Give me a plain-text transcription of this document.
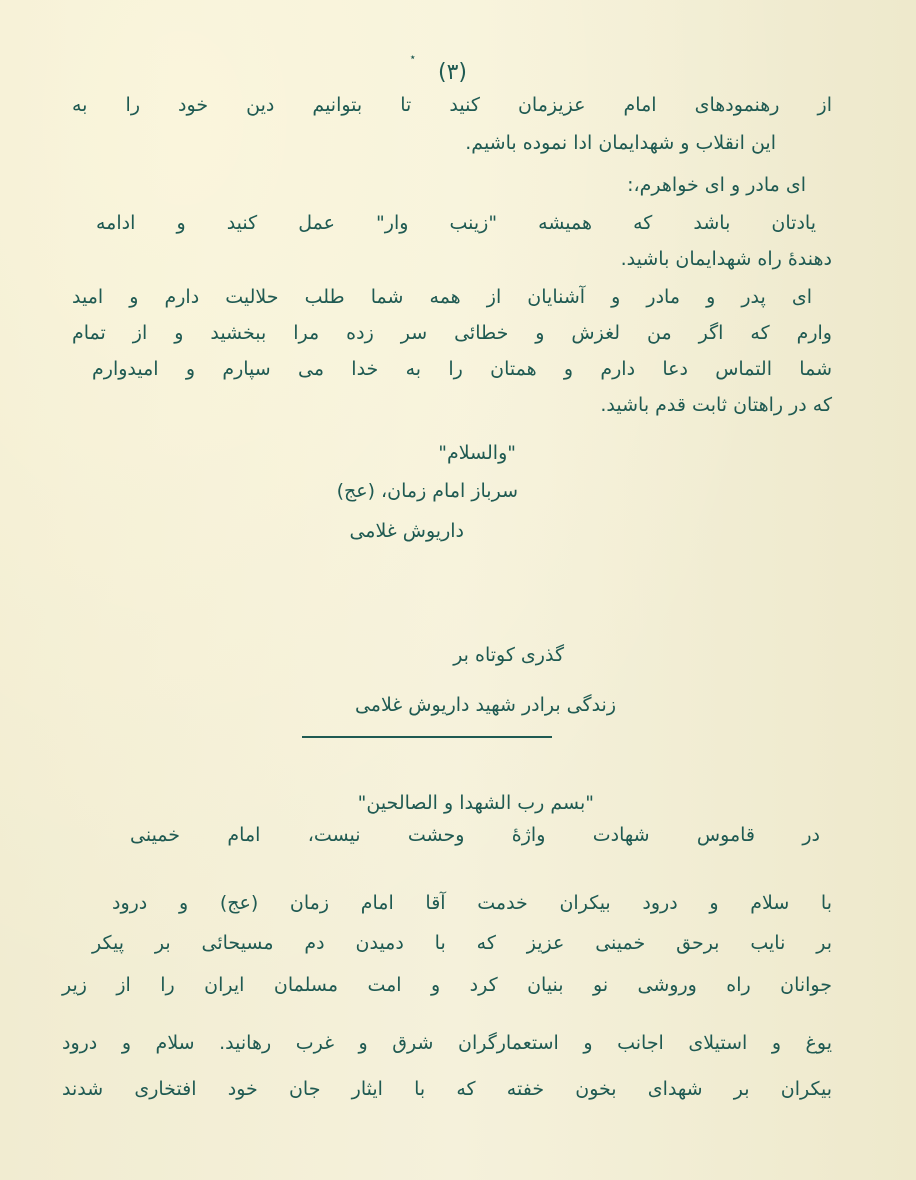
٭
(۳)
از رهنمودهای امام عزیزمان کنید تا بتوانیم دین خود را به
این انقلاب و شهدایمان ادا نموده باشیم.
ای مادر و ای خواهرم،:
یادتان باشد که همیشه "زینب وار" عمل کنید و ادامه
دهندهٔ راه شهدایمان باشید.
ای پدر و مادر و آشنایان از همه شما طلب حلالیت دارم و امید
وارم که اگر من لغزش و خطائی سر زده مرا ببخشید و از تمام
شما التماس دعا دارم و همتان را به خدا می سپارم و امیدوارم
که در راهتان ثابت قدم باشید.
"والسلام"
سرباز امام زمان، (عج)
داریوش غلامی
گذری کوتاه بر
زندگی برادر شهید داریوش غلامی
"بسم رب الشهدا و الصالحین"
در قاموس شهادت واژهٔ وحشت نیست، امام خمینی
با سلام و درود بیکران خدمت آقا امام زمان (عج) و درود
بر نایب برحق خمینی عزیز که با دمیدن دم مسیحائی بر پیکر
جوانان راه وروشی نو بنیان کرد و امت مسلمان ایران را از زیر
یوغ و استیلای اجانب و استعمارگران شرق و غرب رهانید. سلام و درود
بیکران بر شهدای بخون خفته که با ایثار جان خود افتخاری شدند
